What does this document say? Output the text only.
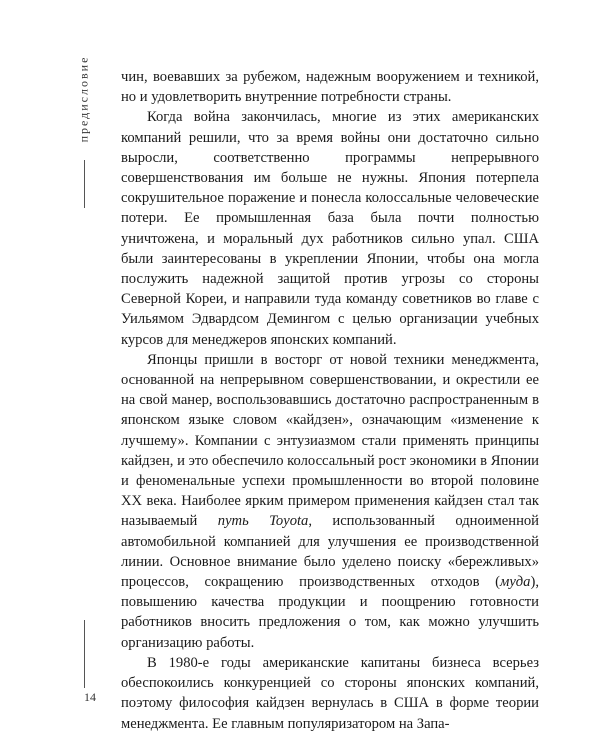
предисловие
14

чин, воевавших за рубежом, надежным вооружением и техникой, но и удовлетворить внутренние потребности страны.

Когда война закончилась, многие из этих американских компаний решили, что за время войны они достаточно сильно выросли, соответственно программы непрерывного совершенствования им больше не нужны. Япония потерпела сокрушительное поражение и понесла колоссальные человеческие потери. Ее промышленная база была почти полностью уничтожена, и моральный дух работников сильно упал. США были заинтересованы в укреплении Японии, чтобы она могла послужить надежной защитой против угрозы со стороны Северной Кореи, и направили туда команду советников во главе с Уильямом Эдвардсом Демингом с целью организации учебных курсов для менеджеров японских компаний.

Японцы пришли в восторг от новой техники менеджмента, основанной на непрерывном совершенствовании, и окрестили ее на свой манер, воспользовавшись достаточно распространенным в японском языке словом «кайдзен», означающим «изменение к лучшему». Компании с энтузиазмом стали применять принципы кайдзен, и это обеспечило колоссальный рост экономики в Японии и феноменальные успехи промышленности во второй половине XX века. Наиболее ярким примером применения кайдзен стал так называемый путь Toyota, использованный одноименной автомобильной компанией для улучшения ее производственной линии. Основное внимание было уделено поиску «бережливых» процессов, сокращению производственных отходов (муда), повышению качества продукции и поощрению готовности работников вносить предложения о том, как можно улучшить организацию работы.

В 1980-е годы американские капитаны бизнеса всерьез обеспокоились конкуренцией со стороны японских компаний, поэтому философия кайдзен вернулась в США в форме теории менеджмента. Ее главным популяризатором на Запа-
